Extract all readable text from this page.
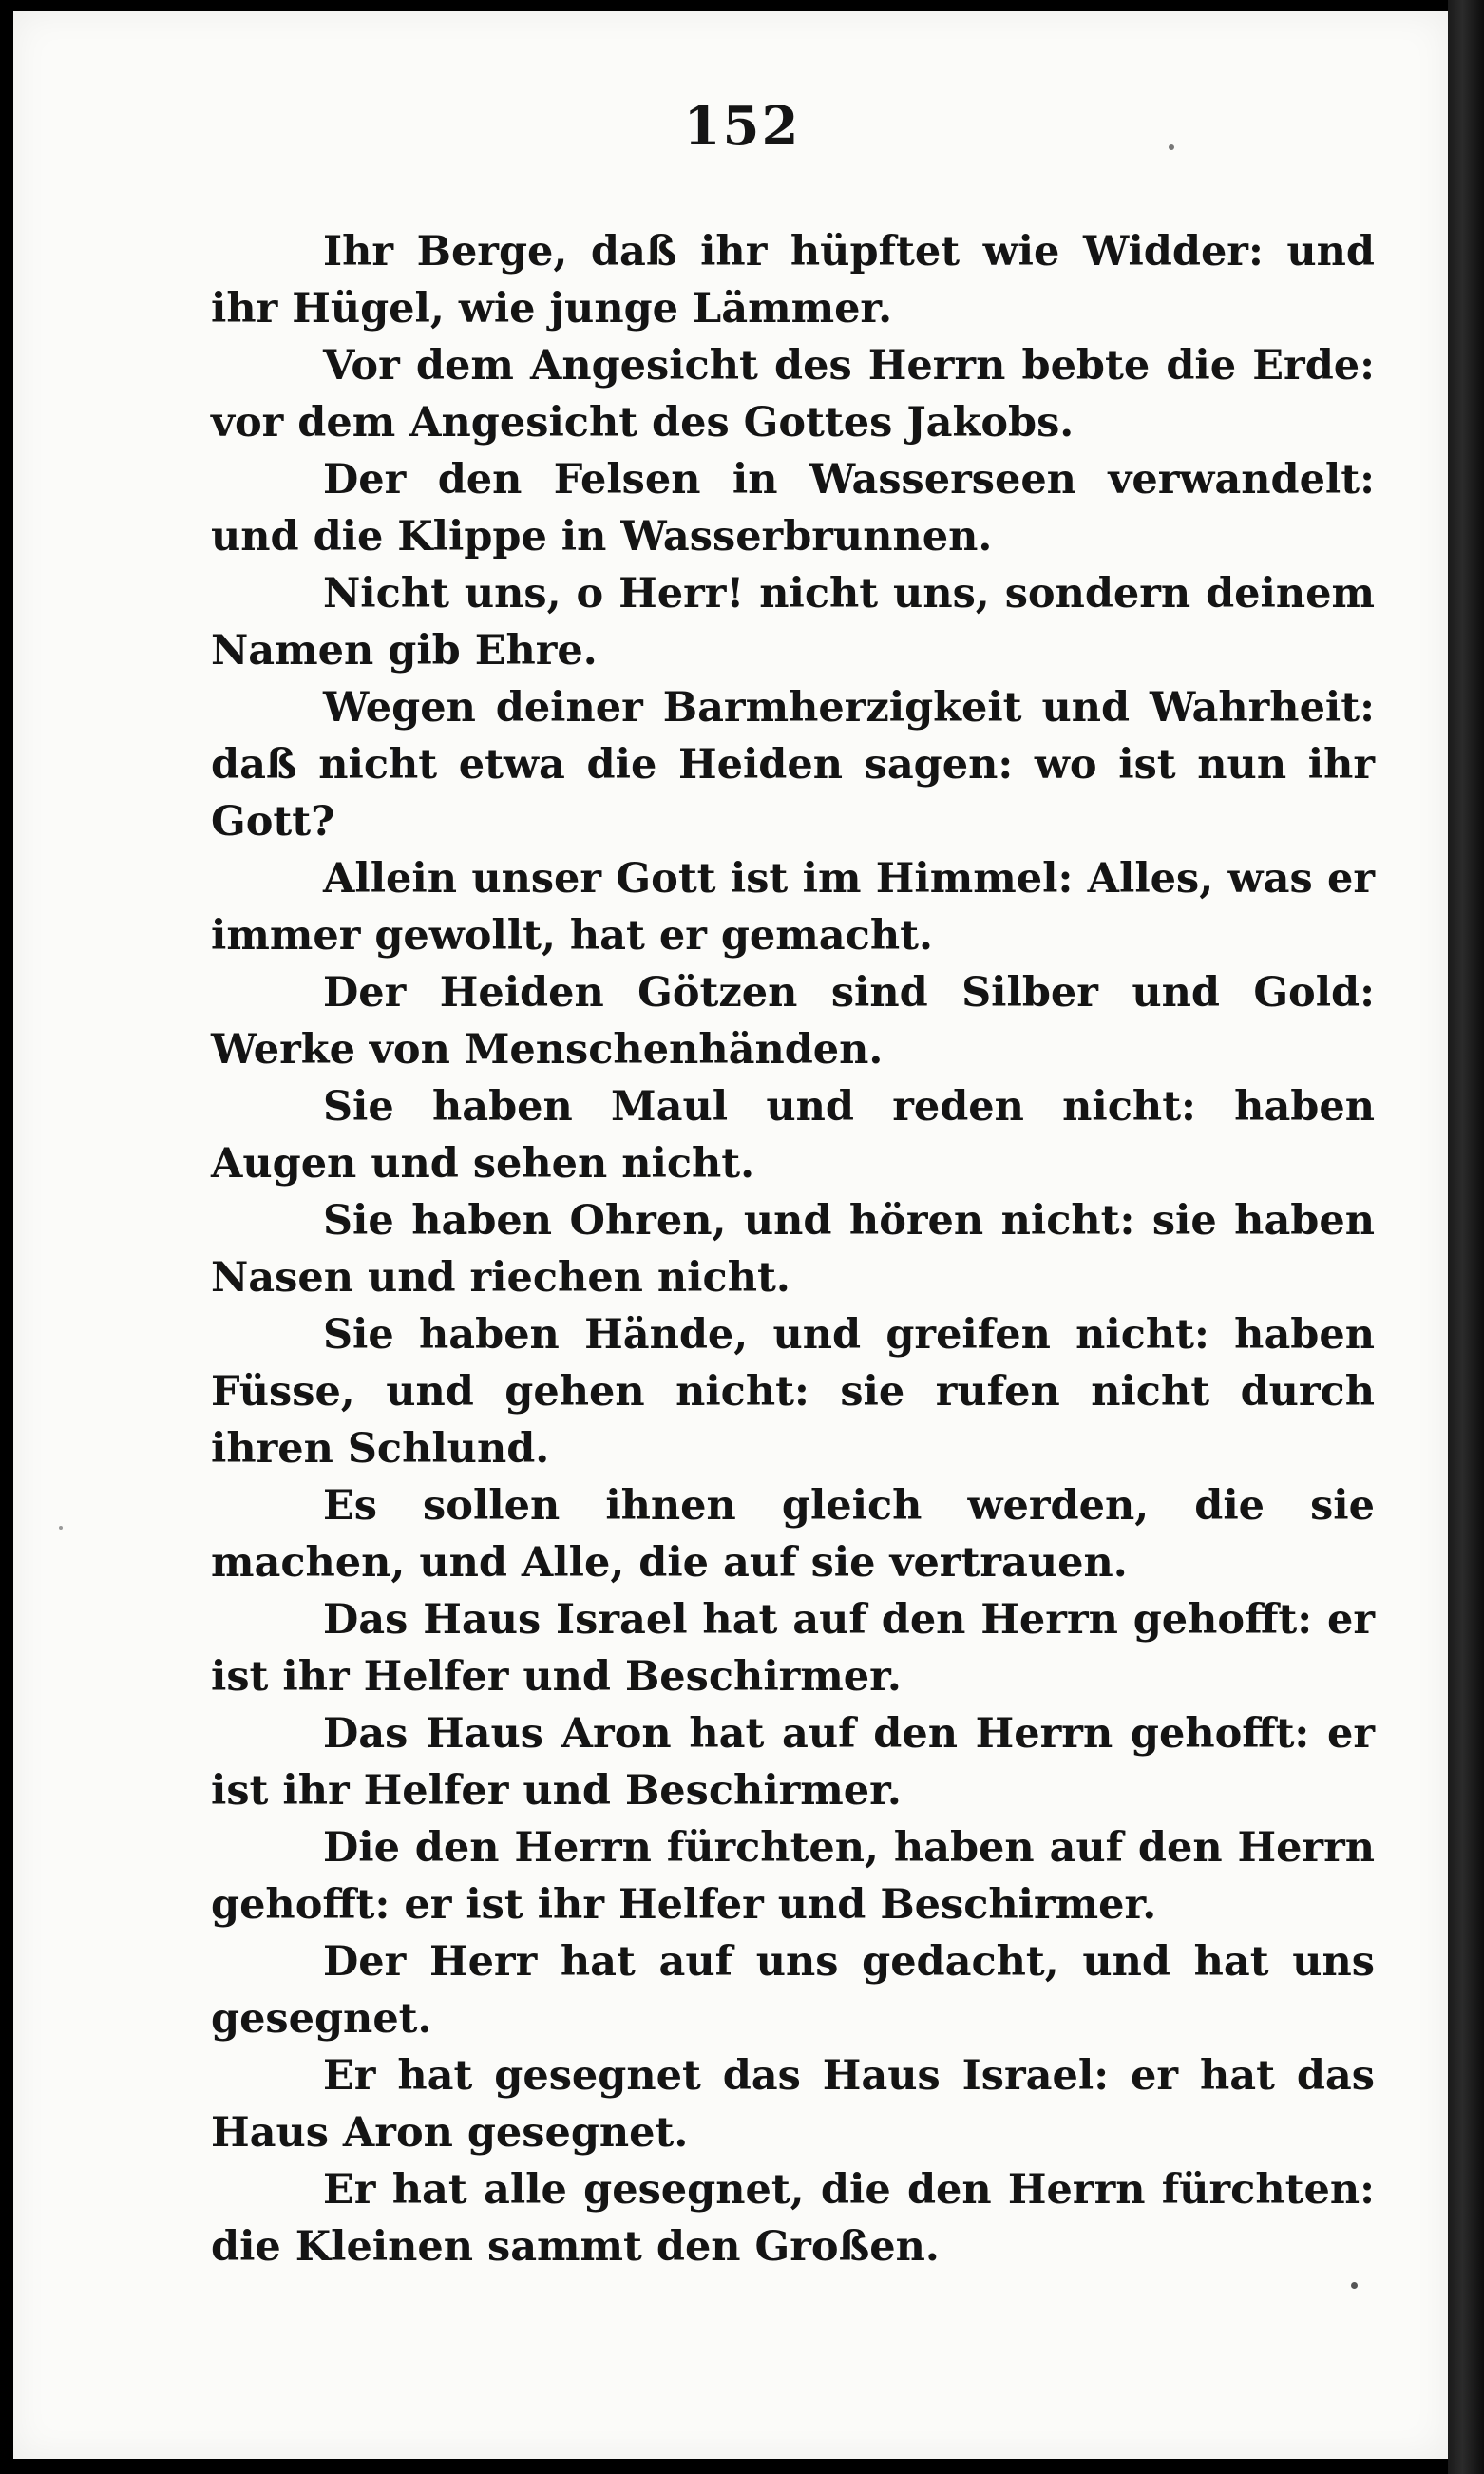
152

Ihr Berge, daß ihr hüpftet wie Widder: und ihr Hügel, wie junge Lämmer.

Vor dem Angesicht des Herrn bebte die Erde: vor dem Angesicht des Gottes Jakobs.

Der den Felsen in Wasserseen verwandelt: und die Klippe in Wasserbrunnen.

Nicht uns, o Herr! nicht uns, sondern deinem Namen gib Ehre.

Wegen deiner Barmherzigkeit und Wahrheit: daß nicht etwa die Heiden sagen: wo ist nun ihr Gott?

Allein unser Gott ist im Himmel: Alles, was er immer gewollt, hat er gemacht.

Der Heiden Götzen sind Silber und Gold: Werke von Menschenhänden.

Sie haben Maul und reden nicht: haben Augen und sehen nicht.

Sie haben Ohren, und hören nicht: sie haben Nasen und riechen nicht.

Sie haben Hände, und greifen nicht: haben Füsse, und gehen nicht: sie rufen nicht durch ihren Schlund.

Es sollen ihnen gleich werden, die sie machen, und Alle, die auf sie vertrauen.

Das Haus Israel hat auf den Herrn gehofft: er ist ihr Helfer und Beschirmer.

Das Haus Aron hat auf den Herrn gehofft: er ist ihr Helfer und Beschirmer.

Die den Herrn fürchten, haben auf den Herrn gehofft: er ist ihr Helfer und Beschirmer.

Der Herr hat auf uns gedacht, und hat uns gesegnet.

Er hat gesegnet das Haus Israel: er hat das Haus Aron gesegnet.

Er hat alle gesegnet, die den Herrn fürchten: die Kleinen sammt den Großen.
